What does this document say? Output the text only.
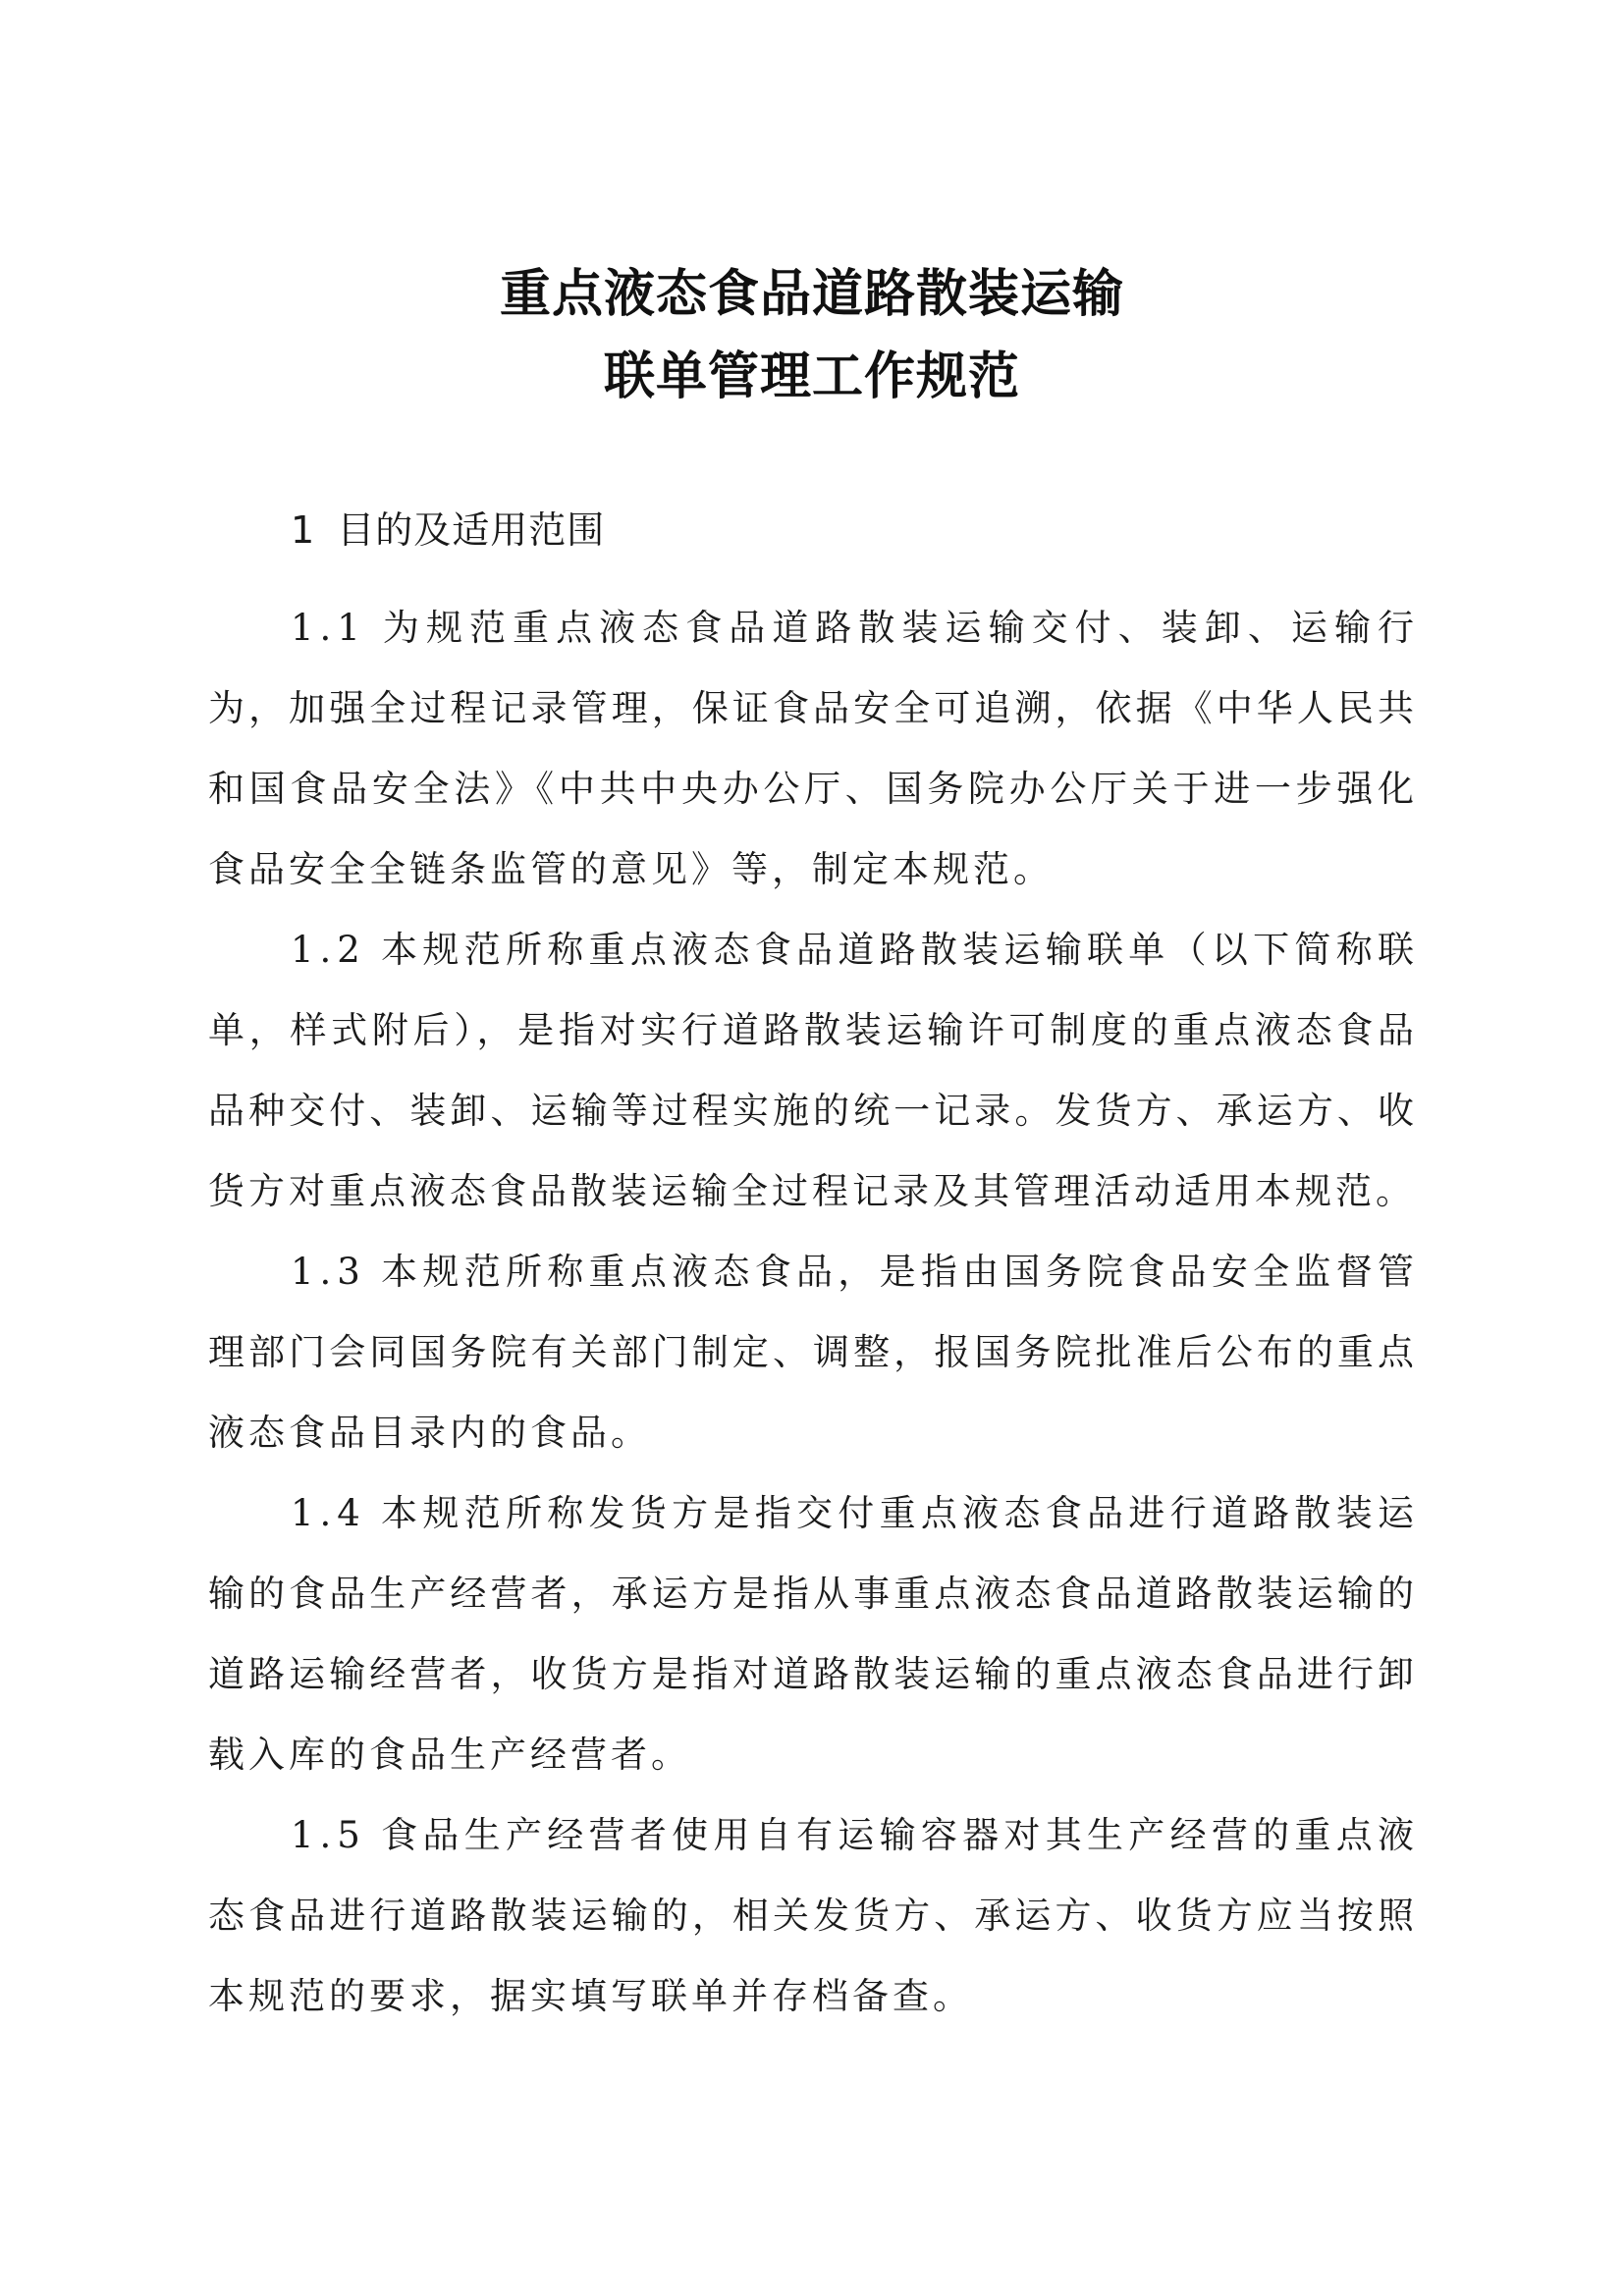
重点液态食品道路散装运输
联单管理工作规范

1 目的及适用范围

1.1 为规范重点液态食品道路散装运输交付、装卸、运输行为，加强全过程记录管理，保证食品安全可追溯，依据《中华人民共和国食品安全法》《中共中央办公厅、国务院办公厅关于进一步强化食品安全全链条监管的意见》等，制定本规范。

1.2 本规范所称重点液态食品道路散装运输联单（以下简称联单，样式附后），是指对实行道路散装运输许可制度的重点液态食品品种交付、装卸、运输等过程实施的统一记录。发货方、承运方、收货方对重点液态食品散装运输全过程记录及其管理活动适用本规范。

1.3 本规范所称重点液态食品，是指由国务院食品安全监督管理部门会同国务院有关部门制定、调整，报国务院批准后公布的重点液态食品目录内的食品。

1.4 本规范所称发货方是指交付重点液态食品进行道路散装运输的食品生产经营者，承运方是指从事重点液态食品道路散装运输的道路运输经营者，收货方是指对道路散装运输的重点液态食品进行卸载入库的食品生产经营者。

1.5 食品生产经营者使用自有运输容器对其生产经营的重点液态食品进行道路散装运输的，相关发货方、承运方、收货方应当按照本规范的要求，据实填写联单并存档备查。
